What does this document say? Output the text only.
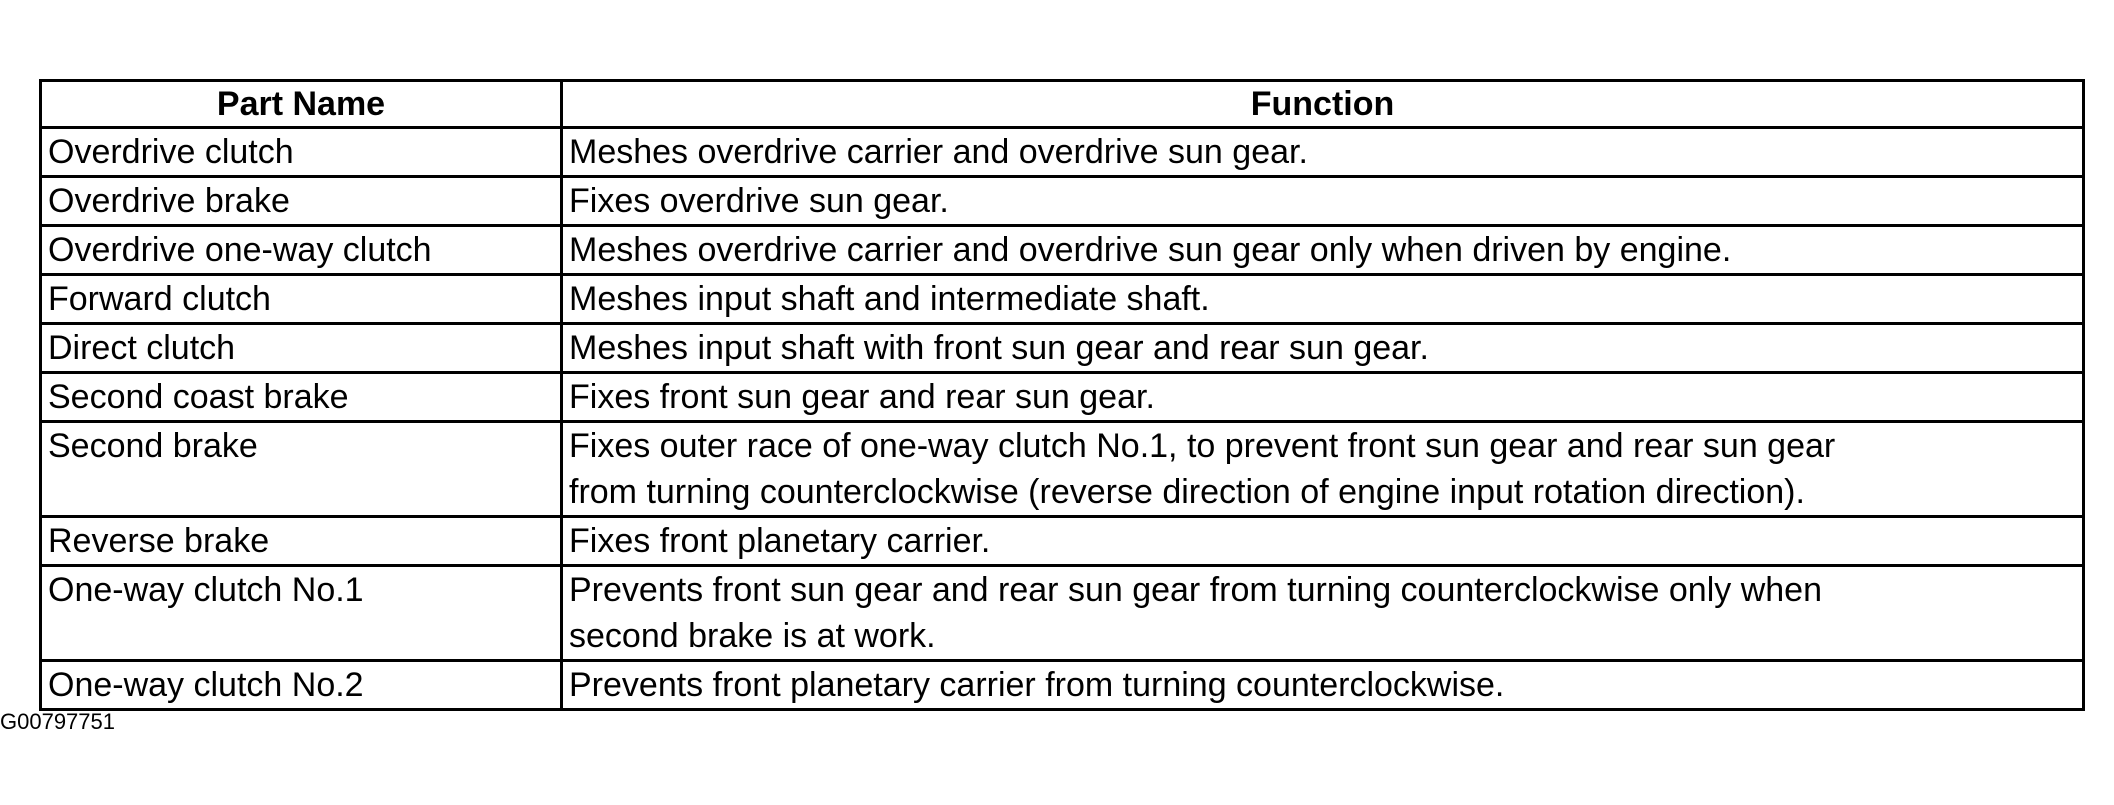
Part Name	Function
Overdrive clutch	Meshes overdrive carrier and overdrive sun gear.

Overdrive brake	Fixes overdrive sun gear.

Overdrive one-way clutch	Meshes overdrive carrier and overdrive sun gear only when driven by engine.

Forward clutch	Meshes input shaft and intermediate shaft.

Direct clutch	Meshes input shaft with front sun gear and rear sun gear.

Second coast brake	Fixes front sun gear and rear sun gear.

Second brake	Fixes outer race of one-way clutch No.1, to prevent front sun gear and rear sun gear
from turning counterclockwise (reverse direction of engine input rotation direction).

Reverse brake	Fixes front planetary carrier.

One-way clutch No.1	Prevents front sun gear and rear sun gear from turning counterclockwise only when
second brake is at work.

One-way clutch No.2	Prevents front planetary carrier from turning counterclockwise.
G00797751
